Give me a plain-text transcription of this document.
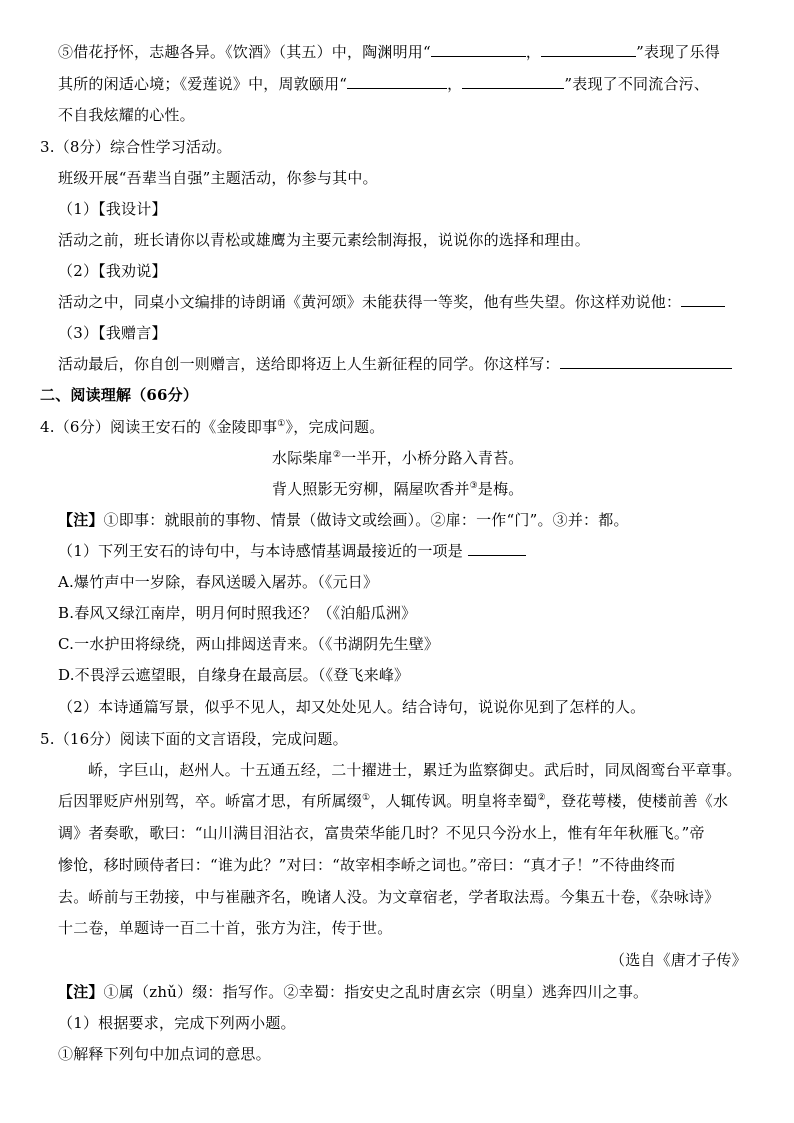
⑤借花抒怀，志趣各异。《饮酒》（其五）中，陶渊明用“	，	”表现了乐得
其所的闲适心境；《爱莲说》中，周敦颐用“	，	”表现了不同流合污、
不自我炫耀的心性。
3.（8分）综合性学习活动。
班级开展“吾辈当自强”主题活动，你参与其中。
（1）【我设计】
活动之前，班长请你以青松或雄鹰为主要元素绘制海报，说说你的选择和理由。
（2）【我劝说】
活动之中，同桌小文编排的诗朗诵《黄河颂》未能获得一等奖，他有些失望。你这样劝说他：
（3）【我赠言】
活动最后，你自创一则赠言，送给即将迈上人生新征程的同学。你这样写：
二、阅读理解（66分）
4.（6分）阅读王安石的《金陵即事①》，完成问题。
水际柴扉②一半开，小桥分路入青苔。
背人照影无穷柳，隔屋吹香并③是梅。
【注】①即事：就眼前的事物、情景（做诗文或绘画）。②扉：一作“门”。③并：都。
（1）下列王安石的诗句中，与本诗感情基调最接近的一项是
A.爆竹声中一岁除，春风送暖入屠苏。（《元日》
B.春风又绿江南岸，明月何时照我还？（《泊船瓜洲》
C.一水护田将绿绕，两山排闼送青来。（《书湖阴先生壁》
D.不畏浮云遮望眼，自缘身在最高层。（《登飞来峰》
（2）本诗通篇写景，似乎不见人，却又处处见人。结合诗句，说说你见到了怎样的人。
5.（16分）阅读下面的文言语段，完成问题。
峤，字巨山，赵州人。十五通五经，二十擢进士，累迁为监察御史。武后时，同凤阁鸾台平章事。
后因罪贬庐州别驾，卒。峤富才思，有所属缀①，人辄传讽。明皇将幸蜀②，登花萼楼，使楼前善《水
调》者奏歌，歌曰：“山川满目泪沾衣，富贵荣华能几时？不见只今汾水上，惟有年年秋雁飞。”帝
惨怆，移时顾侍者曰：“谁为此？”对曰：“故宰相李峤之词也。”帝曰：“真才子！”不待曲终而
去。峤前与王勃接，中与崔融齐名，晚诸人没。为文章宿老，学者取法焉。今集五十卷，《杂咏诗》
十二卷，单题诗一百二十首，张方为注，传于世。
（选自《唐才子传》
【注】①属（zhǔ）缀：指写作。②幸蜀：指安史之乱时唐玄宗（明皇）逃奔四川之事。
（1）根据要求，完成下列两小题。
①解释下列句中加点词的意思。
